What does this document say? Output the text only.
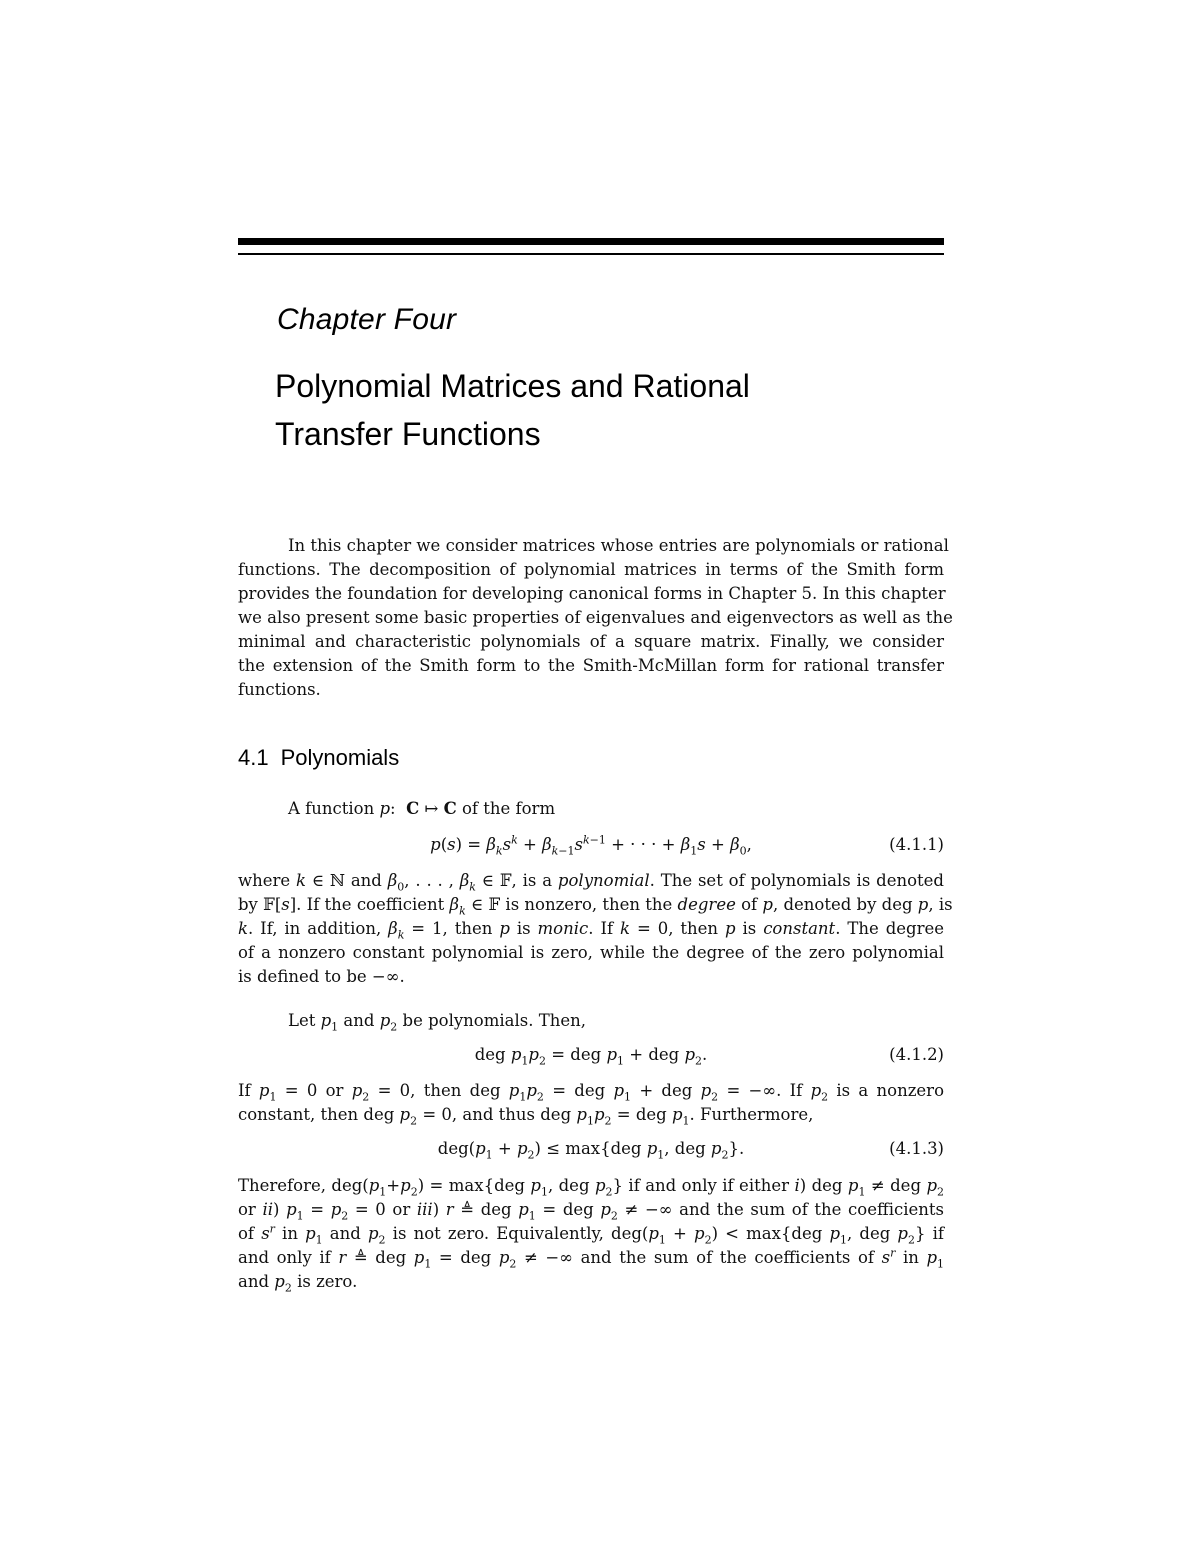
Chapter Four
Polynomial Matrices and Rational
Transfer Functions
In this chapter we consider matrices whose entries are polynomials or rational
functions. The decomposition of polynomial matrices in terms of the Smith form
provides the foundation for developing canonical forms in Chapter 5. In this chapter
we also present some basic properties of eigenvalues and eigenvectors as well as the
minimal and characteristic polynomials of a square matrix. Finally, we consider
the extension of the Smith form to the Smith-McMillan form for rational transfer
functions.
4.1 Polynomials
A function p:  C ↦ C of the form
$p(s) = \beta_ks^k + \beta_{k-1}s^{k-1}$ + · · · + $\beta_1s + \beta_0$,	(4.1.1)
where k ∈ ℕ and $\beta_0$, . . . , $\beta_k$ ∈ 𝔽, is a polynomial. The set of polynomials is denoted
by 𝔽[s]. If the coefficient $\beta_k$ ∈ 𝔽 is nonzero, then the degree of p, denoted by deg p, is
k. If, in addition, $\beta_k = 1$, then p is monic. If k = 0, then p is constant. The degree
of a nonzero constant polynomial is zero, while the degree of the zero polynomial
is defined to be −∞.
Let $p_1$ and $p_2$ be polynomials. Then,
deg $p_1p_2$ = deg $p_1$ + deg $p_2$.	(4.1.2)
If $p_1 = 0$ or $p_2 = 0$, then deg $p_1p_2$ = deg $p_1$ + deg $p_2$ = −∞. If $p_2$ is a nonzero
constant, then deg $p_2 = 0$, and thus deg $p_1p_2$ = deg $p_1$. Furthermore,
$deg(p_1 + p_2) \le \max\{deg$ $p_1$, deg $p_2$}.	(4.1.3)
Therefore, $deg(p_1+p_2) = \max\{deg$ $p_1$, deg $p_2$} if and only if either i) deg $p_1$ ≠ deg $p_2$
or ii) $p_1 = p_2 = 0$ or iii) r ≜ deg $p_1$ = deg $p_2$ ≠ −∞ and the sum of the coefficients
of $s^r$ in $p_1$ and $p_2$ is not zero. Equivalently, $deg(p_1 + p_2) < \max\{deg$ $p_1$, deg $p_2$} if
and only if r ≜ deg $p_1$ = deg $p_2$ ≠ −∞ and the sum of the coefficients of $s^r$ in $p_1$
and $p_2$ is zero.
